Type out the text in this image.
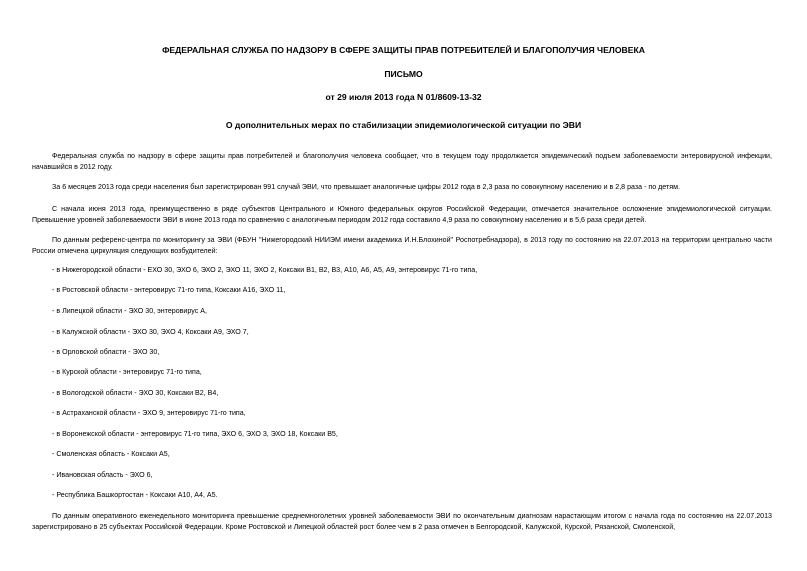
ФЕДЕРАЛЬНАЯ СЛУЖБА ПО НАДЗОРУ В СФЕРЕ ЗАЩИТЫ ПРАВ ПОТРЕБИТЕЛЕЙ И БЛАГОПОЛУЧИЯ ЧЕЛОВЕКА
ПИСЬМО
от 29 июля 2013 года N 01/8609-13-32
О дополнительных мерах по стабилизации эпидемиологической ситуации по ЭВИ
Федеральная служба по надзору в сфере защиты прав потребителей и благополучия человека сообщает, что в текущем году продолжается эпидемический подъем заболеваемости энтеровирусной инфекции, начавшийся в 2012 году.
За 6 месяцев 2013 года среди населения был зарегистрирован 991 случай ЭВИ, что превышает аналогичные цифры 2012 года в 2,3 раза по совокупному населению и в 2,8 раза - по детям.
С начала июня 2013 года, преимущественно в ряде субъектов Центрального и Южного федеральных округов Российской Федерации, отмечается значительное осложнение эпидемиологической ситуации. Превышение уровней заболеваемости ЭВИ в июне 2013 года по сравнению с аналогичным периодом 2012 года составило 4,9 раза по совокупному населению и в 5,6 раза среди детей.
По данным референс-центра по мониторингу за ЭВИ (ФБУН "Нижегородский НИИЭМ имени академика И.Н.Блохиной" Роспотребнадзора), в 2013 году по состоянию на 22.07.2013 на территории центрально части России отмечена циркуляция следующих возбудителей:
- в Нижегородской области - ЕХО 30, ЭХО 6, ЭХО 2, ЭХО 11, ЭХО 2, Коксаки В1, В2, В3, А10, А6, А5, А9, энтеровирус 71-го типа,
- в Ростовской области - энтеровирус 71-го типа, Коксаки А16, ЭХО 11,
- в Липецкой области - ЭХО 30, энтеровирус А,
- в Калужской области - ЭХО 30, ЭХО 4, Коксаки А9, ЭХО 7,
- в Орловской области - ЭХО 30,
- в Курской области - энтеровирус 71-го типа,
- в Вологодской области - ЭХО 30, Коксаки В2, В4,
- в Астраханской области - ЭХО 9, энтеровирус 71-го типа,
- в Воронежской области - энтеровирус 71-го типа, ЭХО 6, ЭХО 3, ЭХО 18, Коксаки В5,
- Смоленская область - Коксаки А5,
- Ивановская область - ЭХО 6,
- Республика Башкортостан - Коксаки А10, А4, А5.
По данным оперативного еженедельного мониторинга превышение среднемноголетних уровней заболеваемости ЭВИ по окончательным диагнозам нарастающим итогом с начала года по состоянию на 22.07.2013 зарегистрировано в 25 субъектах Российской Федерации. Кроме Ростовской и Липецкой областей рост более чем в 2 раза отмечен в Белгородской, Калужской, Курской, Рязанской, Смоленской,
